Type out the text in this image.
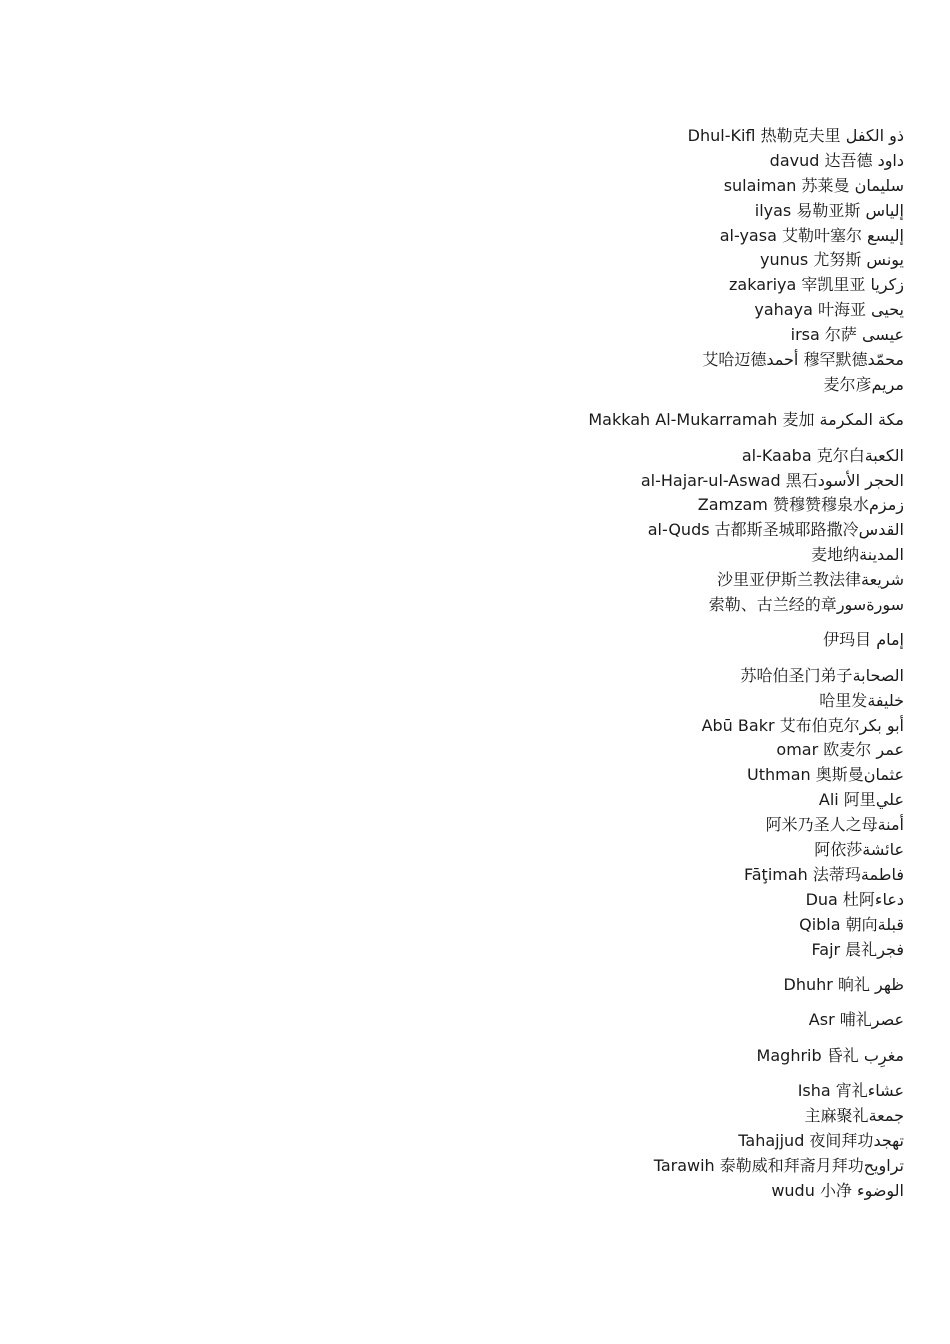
ذو الكفل Dhul-Kifl 热勒克夫里
داود davud 达吾德
سليمان sulaiman 苏莱曼
إلياس ilyas 易勒亚斯
إليسع al-yasa 艾勒叶塞尔
يونس yunus 尤努斯
زكريا zakariya 宰凯里亚
يحيى yahaya 叶海亚
عيسى irsa 尔萨
محمّد穆罕默德 أحمد艾哈迈德
مريم麦尔彦
مكة المكرمة Makkah Al-Mukarramah 麦加
الكعبةal-Kaaba 克尔白
الحجر الأسودal-Hajar-ul-Aswad 黑石
زمزمZamzam 赞穆赞穆泉水
القدسal-Quds 古都斯圣城耶路撒冷
المدينة麦地纳
شريعة沙里亚伊斯兰教法律
سورةسور索勒、古兰经的章
إمام 伊玛目
الصحابة苏哈伯圣门弟子
خليفة哈里发
أبو بكرAbū Bakr 艾布伯克尔
عمر omar 欧麦尔
عثمانUthman 奥斯曼
عليAli 阿里
أمنة阿米乃圣人之母
عائشة阿依莎
فاطمةFāţimah 法蒂玛
دعاءDua 杜阿
قبلةQibla 朝向
فجرFajr 晨礼
ظهر Dhuhr 晌礼
عصرAsr 哺礼
مغرِب Maghrib 昏礼
عشاءIsha 宵礼
جمعة主麻聚礼
تهجدTahajjud 夜间拜功
تراويحTarawih 泰勒威和拜斋月拜功
الوضوء wudu 小净
